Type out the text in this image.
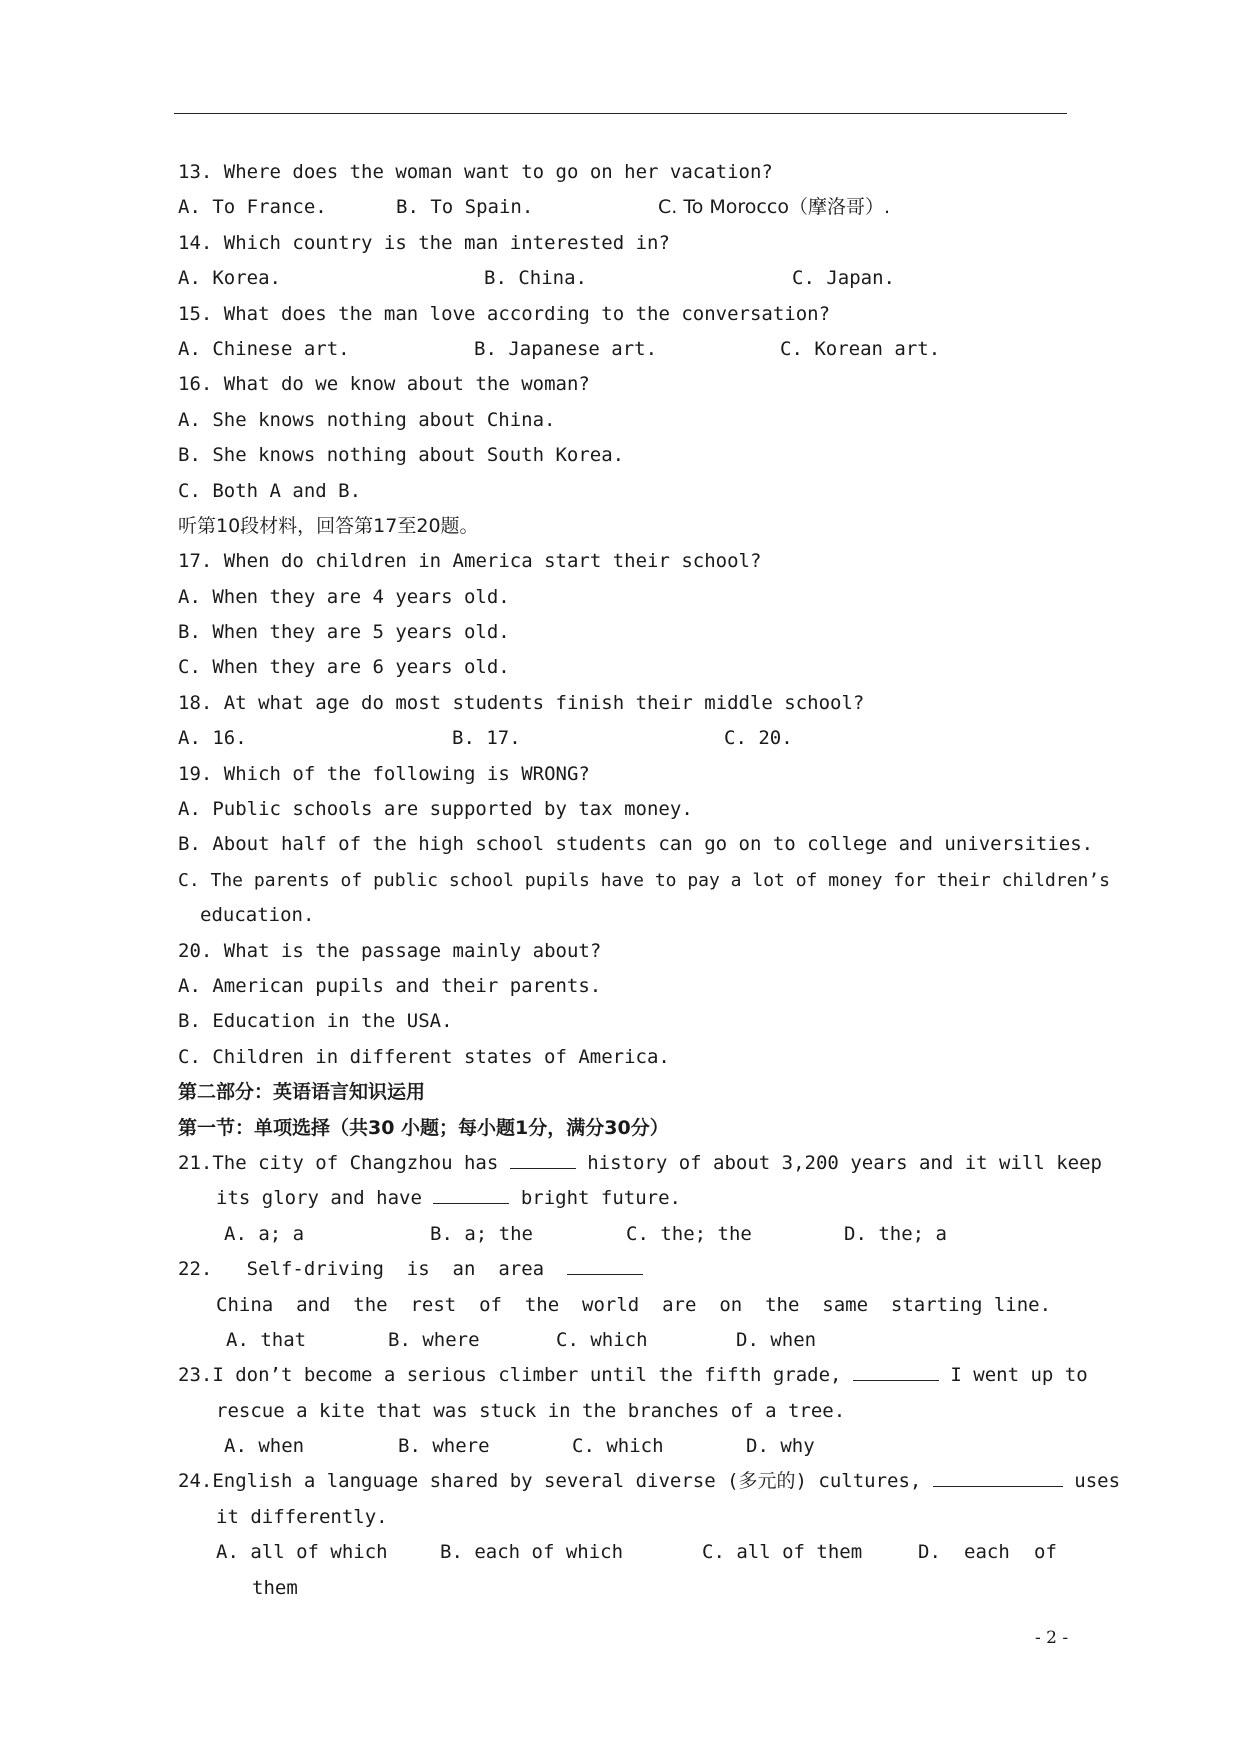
13. Where does the woman want to go on her vacation?
A. To France.	B. To Spain.	C. To Morocco（摩洛哥）.
14. Which country is the man interested in?
A. Korea.	B. China.	C. Japan.
15. What does the man love according to the conversation?
A. Chinese art.	B. Japanese art.	C. Korean art.
16. What do we know about the woman?
A. She knows nothing about China.
B. She knows nothing about South Korea.
C. Both A and B.
听第10段材料，回答第17至20题。
17. When do children in America start their school?
A. When they are 4 years old.
B. When they are 5 years old.
C. When they are 6 years old.
18. At what age do most students finish their middle school?
A. 16.	B. 17.	C. 20.
19. Which of the following is WRONG?
A. Public schools are supported by tax money.
B. About half of the high school students can go on to college and universities.
C. The parents of public school pupils have to pay a lot of money for their children’s
education.
20. What is the passage mainly about?
A. American pupils and their parents.
B. Education in the USA.
C. Children in different states of America.
第二部分：英语语言知识运用
第一节：单项选择（共30 小题；每小题1分，满分30分）
21.The city of Changzhou has	history of about 3,200 years and it will keep
its glory and have	bright future.
A. a; a	B. a; the	C. the; the	D. the; a
22. Self-driving  is  an  area
China  and  the  rest  of  the  world  are  on  the  same  starting line.
A. that	B. where	C. which	D. when
23.I don’t become a serious climber until the fifth grade,	I went up to
rescue a kite that was stuck in the branches of a tree.
A. when	B. where	C. which	D. why
24.English a language shared by several diverse (多元的) cultures,	uses
it differently.
A. all of which	B. each of which	C. all of them	D.	each	of
them
- 2 -
